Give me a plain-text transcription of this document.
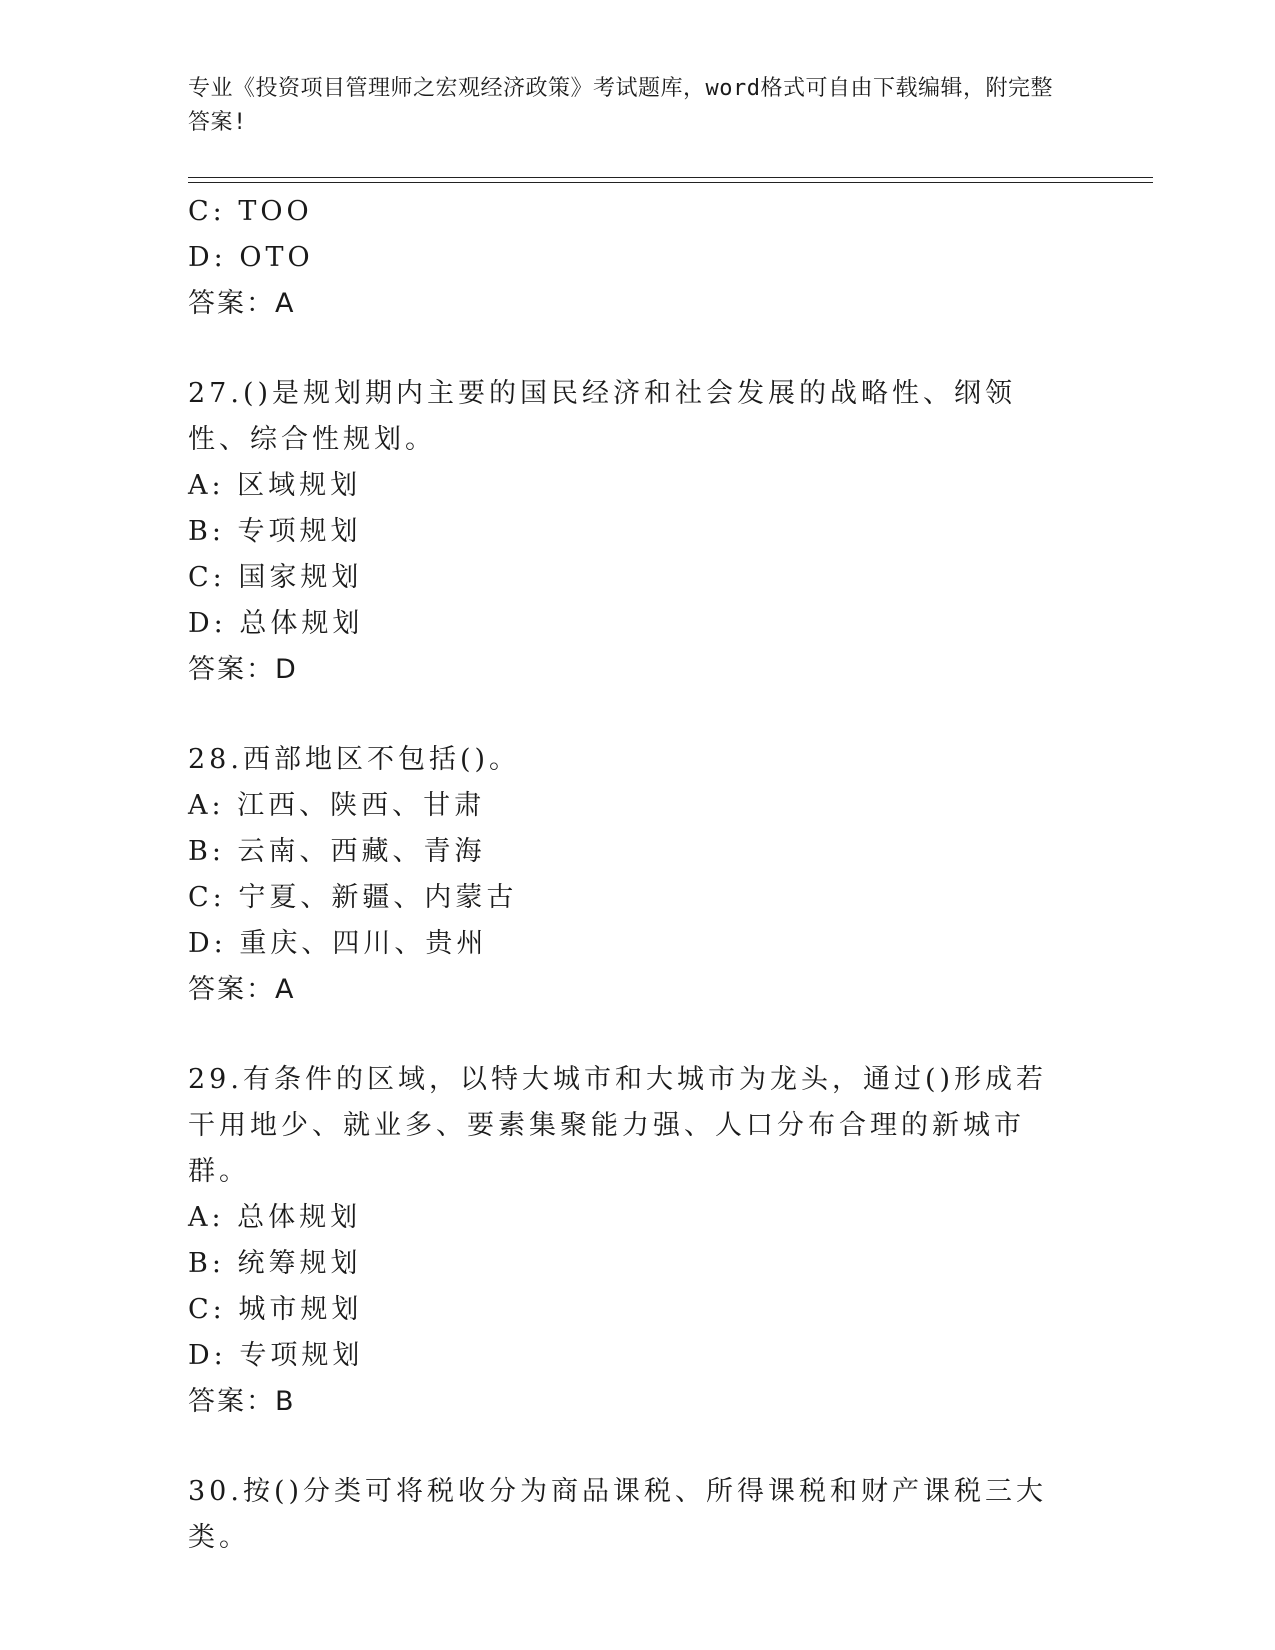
专业《投资项目管理师之宏观经济政策》考试题库，word格式可自由下载编辑，附完整答案!
C: TOO
D: OTO
答案：A
27.()是规划期内主要的国民经济和社会发展的战略性、纲领性、综合性规划。
A: 区域规划
B: 专项规划
C: 国家规划
D: 总体规划
答案：D
28.西部地区不包括()。
A: 江西、陕西、甘肃
B: 云南、西藏、青海
C: 宁夏、新疆、内蒙古
D: 重庆、四川、贵州
答案：A
29.有条件的区域，以特大城市和大城市为龙头，通过()形成若干用地少、就业多、要素集聚能力强、人口分布合理的新城市群。
A: 总体规划
B: 统筹规划
C: 城市规划
D: 专项规划
答案：B
30.按()分类可将税收分为商品课税、所得课税和财产课税三大类。
